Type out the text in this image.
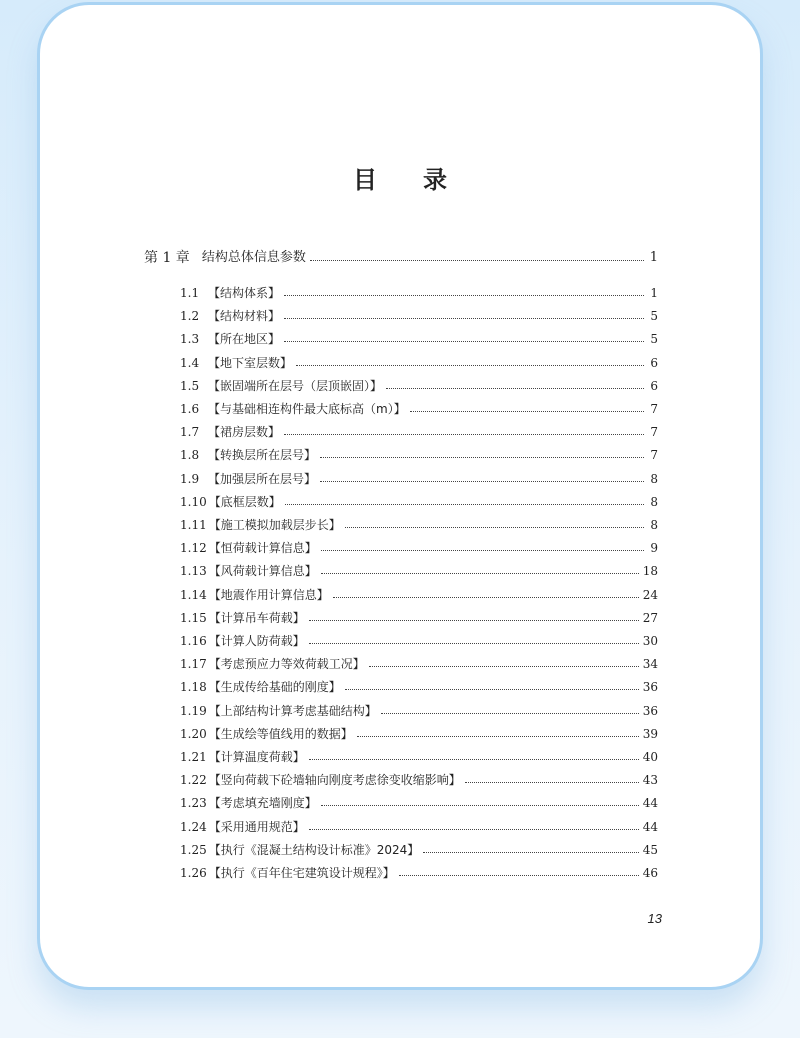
目 录
第 1 章 结构总体信息参数	1
1.1 【结构体系】	1
1.2 【结构材料】	5
1.3 【所在地区】	5
1.4 【地下室层数】	6
1.5 【嵌固端所在层号（层顶嵌固）】	6
1.6 【与基础相连构件最大底标高（m）】	7
1.7 【裙房层数】	7
1.8 【转换层所在层号】	7
1.9 【加强层所在层号】	8
1.10 【底框层数】	8
1.11 【施工模拟加载层步长】	8
1.12 【恒荷载计算信息】	9
1.13 【风荷载计算信息】	18
1.14 【地震作用计算信息】	24
1.15 【计算吊车荷载】	27
1.16 【计算人防荷载】	30
1.17 【考虑预应力等效荷载工况】	34
1.18 【生成传给基础的刚度】	36
1.19 【上部结构计算考虑基础结构】	36
1.20 【生成绘等值线用的数据】	39
1.21 【计算温度荷载】	40
1.22 【竖向荷载下砼墙轴向刚度考虑徐变收缩影响】	43
1.23 【考虑填充墙刚度】	44
1.24 【采用通用规范】	44
1.25 【执行《混凝土结构设计标准》2024】	45
1.26 【执行《百年住宅建筑设计规程》】	46
13
